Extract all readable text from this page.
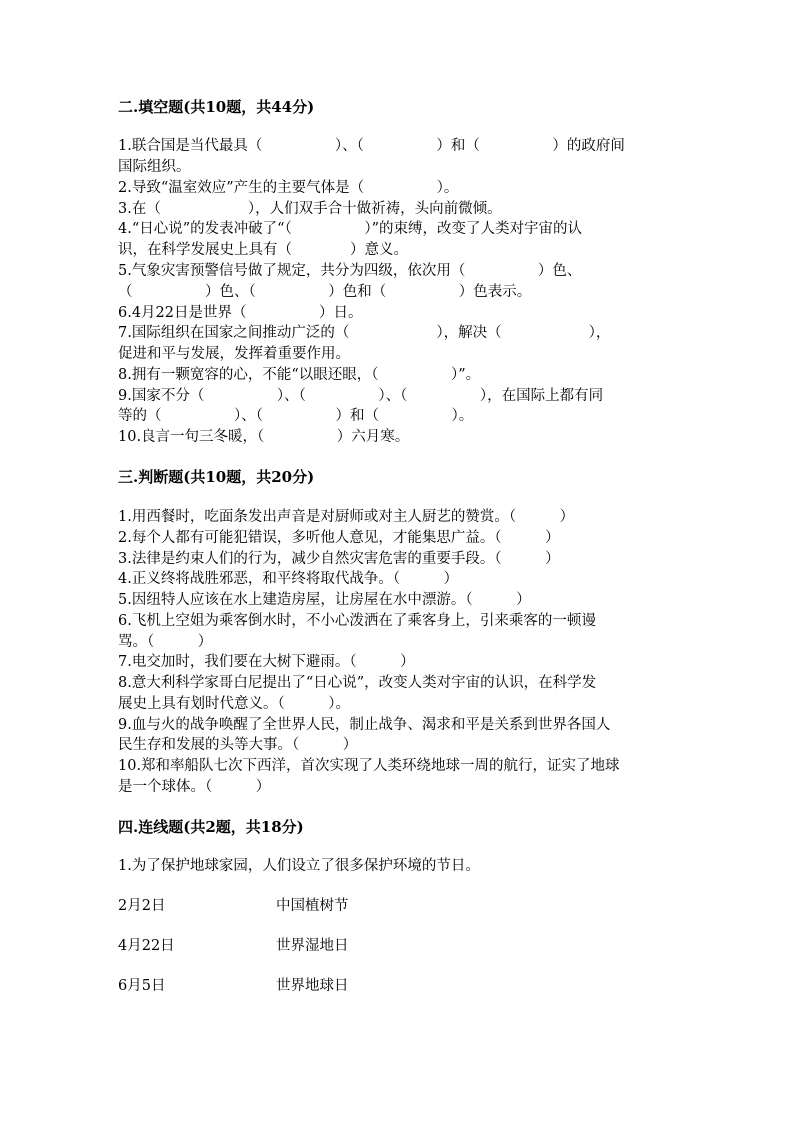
二.填空题(共10题，共44分)
1.联合国是当代最具（　　　　　）、（　　　　　）和（　　　　　）的政府间
国际组织。
2.导致“温室效应”产生的主要气体是（　　　　　）。
3.在（　　　　　　），人们双手合十做祈祷，头向前微倾。
4.“日心说”的发表冲破了“（　　　　　）”的束缚，改变了人类对宇宙的认
识，在科学发展史上具有（　　　　）意义。
5.气象灾害预警信号做了规定，共分为四级，依次用（　　　　　）色、
（　　　　　）色、（　　　　　）色和（　　　　　）色表示。
6.4月22日是世界（　　　　　）日。
7.国际组织在国家之间推动广泛的（　　　　　　），解决（　　　　　　），
促进和平与发展，发挥着重要作用。
8.拥有一颗宽容的心，不能“以眼还眼，（　　　　　）”。
9.国家不分（　　　　　）、（　　　　　）、（　　　　　），在国际上都有同
等的（　　　　　）、（　　　　　）和（　　　　　）。
10.良言一句三冬暖，（　　　　　）六月寒。
三.判断题(共10题，共20分)
1.用西餐时，吃面条发出声音是对厨师或对主人厨艺的赞赏。（　　　）
2.每个人都有可能犯错误，多听他人意见，才能集思广益。（　　　）
3.法律是约束人们的行为，减少自然灾害危害的重要手段。（　　　）
4.正义终将战胜邪恶，和平终将取代战争。（　　　）
5.因纽特人应该在水上建造房屋，让房屋在水中漂游。（　　　）
6.飞机上空姐为乘客倒水时，不小心泼洒在了乘客身上，引来乘客的一顿谩
骂。（　　　）
7.电交加时，我们要在大树下避雨。（　　　）
8.意大利科学家哥白尼提出了“日心说”，改变人类对宇宙的认识，在科学发
展史上具有划时代意义。（　　　）。
9.血与火的战争唤醒了全世界人民，制止战争、渴求和平是关系到世界各国人
民生存和发展的头等大事。（　　　）
10.郑和率船队七次下西洋，首次实现了人类环绕地球一周的航行，证实了地球
是一个球体。（　　　）
四.连线题(共2题，共18分)
1.为了保护地球家园，人们设立了很多保护环境的节日。
2月2日	中国植树节
4月22日	世界湿地日
6月5日	世界地球日
